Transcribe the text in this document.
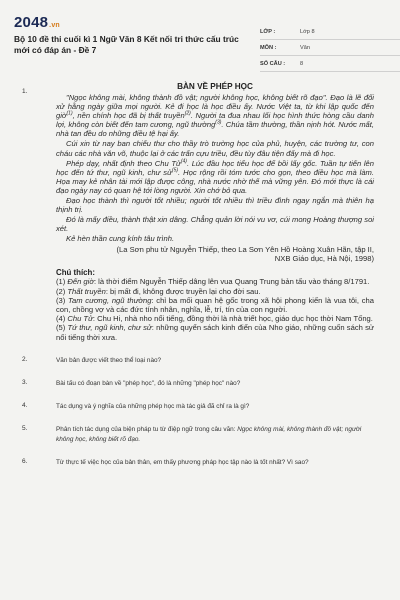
2048.vn
Bộ 10 đề thi cuối kì 1 Ngữ Văn 8 Kết nối tri thức cấu trúc mới có đáp án - Đề 7
LỚP :	Lớp 8
MÔN :	Văn
SỐ CÂU :	8
1.
BÀN VỀ PHÉP HỌC
"Ngọc không mài, không thành đồ vật; người không học, không biết rõ đạo". Đạo là lẽ đối xử hằng ngày giữa mọi người. Kẻ đi học là học điều ấy. Nước Việt ta, từ khi lập quốc đến giờ$^{(1)}$, nền chính học đã bị thất truyền$^{(2)}$. Người ta đua nhau lối học hình thức hòng cầu danh lợi, không còn biết đến tam cương, ngũ thường$^{(3)}$. Chúa tầm thường, thần nịnh hót. Nước mất, nhà tan đều do những điều tệ hại ấy.
Cúi xin từ nay ban chiếu thư cho thầy trò trường học của phủ, huyện, các trường tư, con cháu các nhà văn võ, thuộc lại ở các trấn cựu triều, đều tùy đâu tiện đấy mà đi học.
Phép dạy, nhất định theo Chu Tử$^{(4)}$. Lúc đầu học tiểu học để bồi lấy gốc. Tuần tự tiến lên học đến tứ thư, ngũ kinh, chư sử$^{(5)}$. Học rộng rồi tóm tước cho gọn, theo điều học mà làm. Họa may kẻ nhân tài mới lập được công, nhà nước nhờ thế mà vững yên. Đó mới thực là cái đạo ngày nay có quan hệ tới lòng người. Xin chớ bỏ qua.
Đạo học thành thì người tốt nhiều; người tốt nhiều thì triều đình ngay ngắn mà thiên hạ thịnh trị.
Đó là mấy điều, thành thật xin dâng. Chẳng quản lời nói vu vơ, cúi mong Hoàng thượng soi xét.
Kẻ hèn thần cung kính tâu trình.
(La Sơn phu tử Nguyễn Thiếp, theo La Sơn Yên Hồ Hoàng Xuân Hãn, tập II,
NXB Giáo dục, Hà Nội, 1998)
Chú thích:
(1) Đến giờ: là thời điểm Nguyễn Thiếp dâng lên vua Quang Trung bản tấu vào tháng 8/1791.
(2) Thất truyền: bị mất đi, không được truyền lại cho đời sau.
(3) Tam cương, ngũ thường: chỉ ba mối quan hệ gốc trong xã hội phong kiến là vua tôi, cha con, chồng vợ và các đức tính nhân, nghĩa, lễ, trí, tín của con người.
(4) Chu Tử: Chu Hi, nhà nho nổi tiếng, đồng thời là nhà triết học, giáo dục học thời Nam Tống.
(5) Tứ thư, ngũ kinh, chư sử: những quyển sách kinh điển của Nho giáo, những cuốn sách sử nổi tiếng thời xưa.
2.	Văn bản được viết theo thể loại nào?
3.	Bài tấu có đoạn bàn về "phép học", đó là những "phép học" nào?
4.	Tác dụng và ý nghĩa của những phép học mà tác giả đã chỉ ra là gì?
5.	Phân tích tác dụng của biện pháp tu từ điệp ngữ trong câu văn: Ngọc không mài, không thành đồ vật; người không học, không biết rõ đạo.
6.	Từ thực tế việc học của bản thân, em thấy phương pháp học tập nào là tốt nhất? Vì sao?
